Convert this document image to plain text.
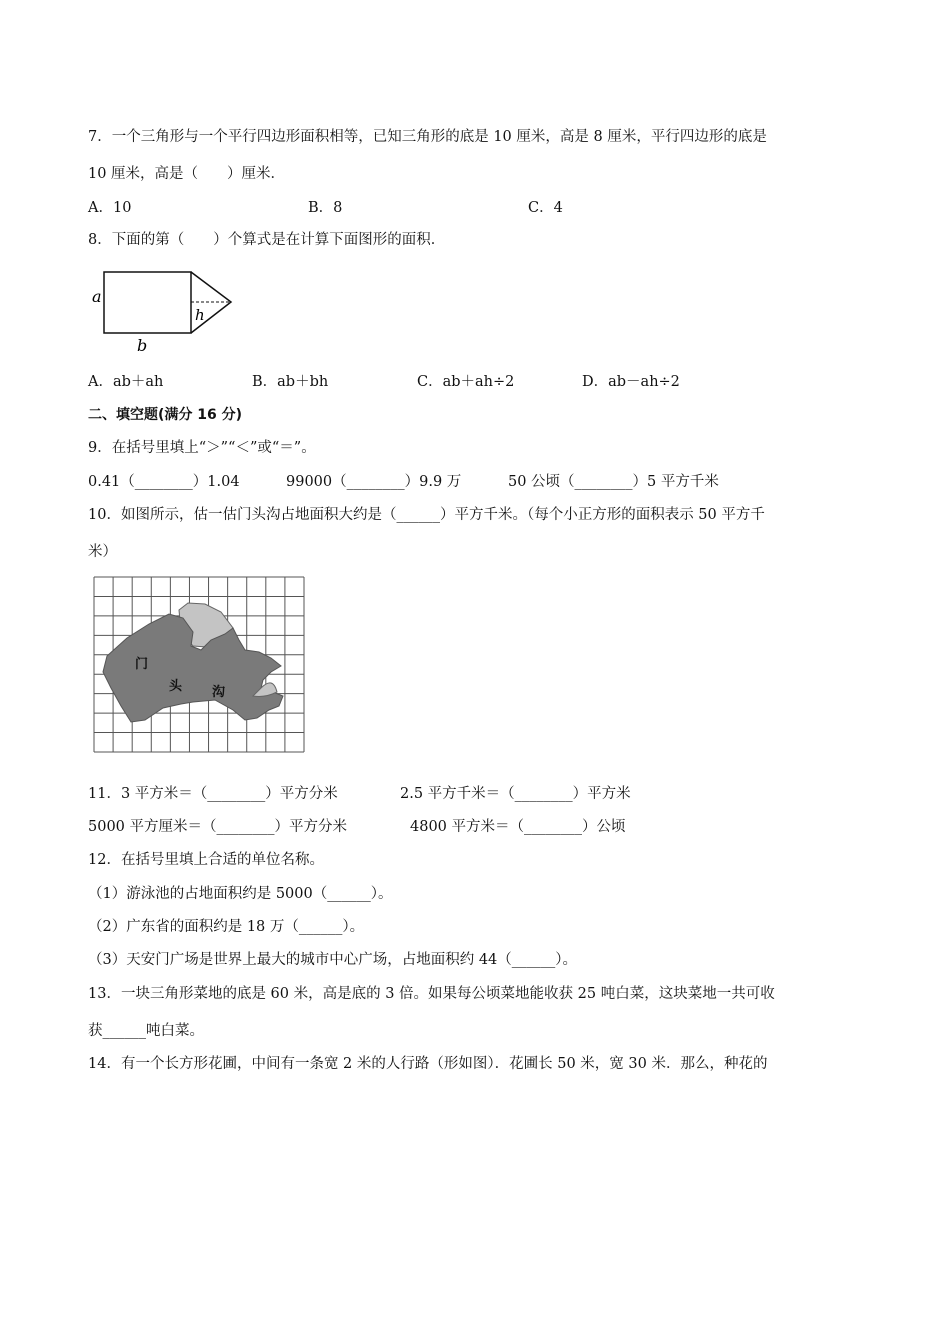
7．一个三角形与一个平行四边形面积相等，已知三角形的底是 10 厘米，高是 8 厘米，平行四边形的底是
10 厘米，高是（　　）厘米．
A．10	B．8	C．4
8．下面的第（　　）个算式是在计算下面图形的面积．
a
b
h
A．ab＋ah	B．ab＋bh	C．ab＋ah÷2	D．ab－ah÷2
二、填空题(满分 16 分)
9．在括号里填上“＞”“＜”或“＝”。
0.41（________）1.04	99000（________）9.9 万	50 公顷（________）5 平方千米
10．如图所示，估一估门头沟占地面积大约是（______）平方千米。（每个小正方形的面积表示 50 平方千
米）
门
头 沟
11．3 平方米＝（________）平方分米	2.5 平方千米＝（________）平方米
5000 平方厘米＝（________）平方分米	4800 平方米＝（________）公顷
12．在括号里填上合适的单位名称。
（1）游泳池的占地面积约是 5000（______）。
（2）广东省的面积约是 18 万（______）。
（3）天安门广场是世界上最大的城市中心广场，占地面积约 44（______）。
13．一块三角形菜地的底是 60 米，高是底的 3 倍。如果每公顷菜地能收获 25 吨白菜，这块菜地一共可收
获______吨白菜。
14．有一个长方形花圃，中间有一条宽 2 米的人行路（形如图）．花圃长 50 米，宽 30 米．那么，种花的
